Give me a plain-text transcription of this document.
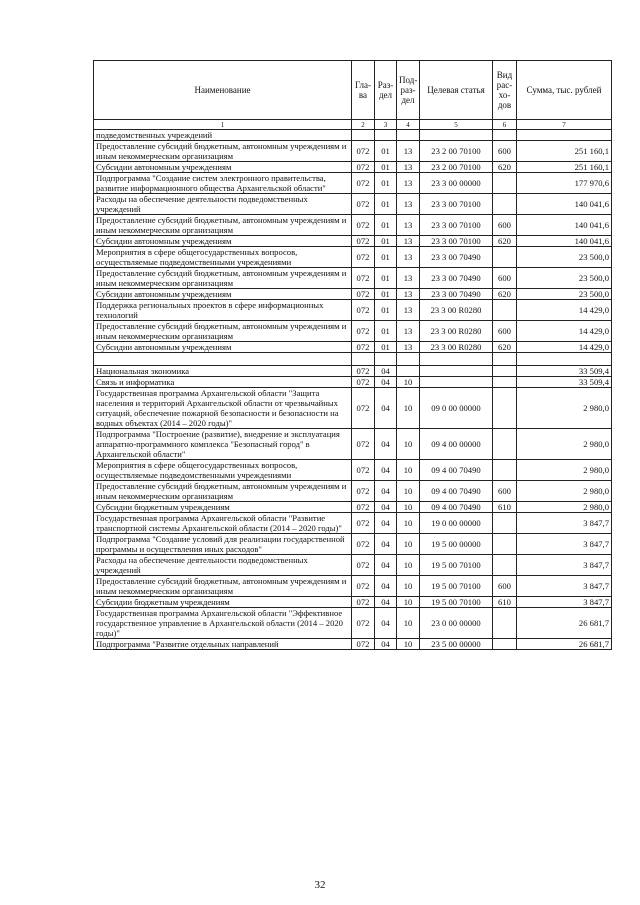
Наименование	Гла-ва	Раз-дел	Под-раз-дел	Целевая статья	Вид рас-хо-дов	Сумма, тыс. рублей
1	2	3	4	5	6	7
подведомственных учреждений						
Предоставление субсидий бюджетным, автономным учреждениям и иным некоммерческим организациям	072	01	13	23 2 00 70100	600	251 160,1
Субсидии автономным учреждениям	072	01	13	23 2 00 70100	620	251 160,1
Подпрограмма "Создание систем электронного правительства, развитие информационного общества Архангельской области"	072	01	13	23 3 00 00000		177 970,6
Расходы на обеспечение деятельности подведомственных учреждений	072	01	13	23 3 00 70100		140 041,6
Предоставление субсидий бюджетным, автономным учреждениям и иным некоммерческим организациям	072	01	13	23 3 00 70100	600	140 041,6
Субсидии автономным учреждениям	072	01	13	23 3 00 70100	620	140 041,6
Мероприятия в сфере общегосударственных вопросов, осуществляемые подведомственными учреждениями	072	01	13	23 3 00 70490		23 500,0
Предоставление субсидий бюджетным, автономным учреждениям и иным некоммерческим организациям	072	01	13	23 3 00 70490	600	23 500,0
Субсидии автономным учреждениям	072	01	13	23 3 00 70490	620	23 500,0
Поддержка региональных проектов в сфере информационных технологий	072	01	13	23 3 00 R0280		14 429,0
Предоставление субсидий бюджетным, автономным учреждениям и иным некоммерческим организациям	072	01	13	23 3 00 R0280	600	14 429,0
Субсидии автономным учреждениям	072	01	13	23 3 00 R0280	620	14 429,0

Национальная экономика	072	04				33 509,4
Связь и информатика	072	04	10			33 509,4
Государственная программа Архангельской области "Защита населения и территорий Архангельской области от чрезвычайных ситуаций, обеспечение пожарной безопасности и безопасности на водных объектах (2014 – 2020 годы)"	072	04	10	09 0 00 00000		2 980,0
Подпрограмма "Построение (развитие), внедрение и эксплуатация аппаратно-программного комплекса "Безопасный город" в Архангельской области"	072	04	10	09 4 00 00000		2 980,0
Мероприятия в сфере общегосударственных вопросов, осуществляемые подведомственными учреждениями	072	04	10	09 4 00 70490		2 980,0
Предоставление субсидий бюджетным, автономным учреждениям и иным некоммерческим организациям	072	04	10	09 4 00 70490	600	2 980,0
Субсидии бюджетным учреждениям	072	04	10	09 4 00 70490	610	2 980,0
Государственная программа Архангельской области "Развитие транспортной системы Архангельской области (2014 – 2020 годы)"	072	04	10	19 0 00 00000		3 847,7
Подпрограмма "Создание условий для реализации государственной программы и осуществления иных расходов"	072	04	10	19 5 00 00000		3 847,7
Расходы на обеспечение деятельности подведомственных учреждений	072	04	10	19 5 00 70100		3 847,7
Предоставление субсидий бюджетным, автономным учреждениям и иным некоммерческим организациям	072	04	10	19 5 00 70100	600	3 847,7
Субсидии бюджетным учреждениям	072	04	10	19 5 00 70100	610	3 847,7
Государственная программа Архангельской области "Эффективное государственное управление в Архангельской области (2014 – 2020 годы)"	072	04	10	23 0 00 00000		26 681,7
Подпрограмма "Развитие отдельных направлений	072	04	10	23 5 00 00000		26 681,7
32
